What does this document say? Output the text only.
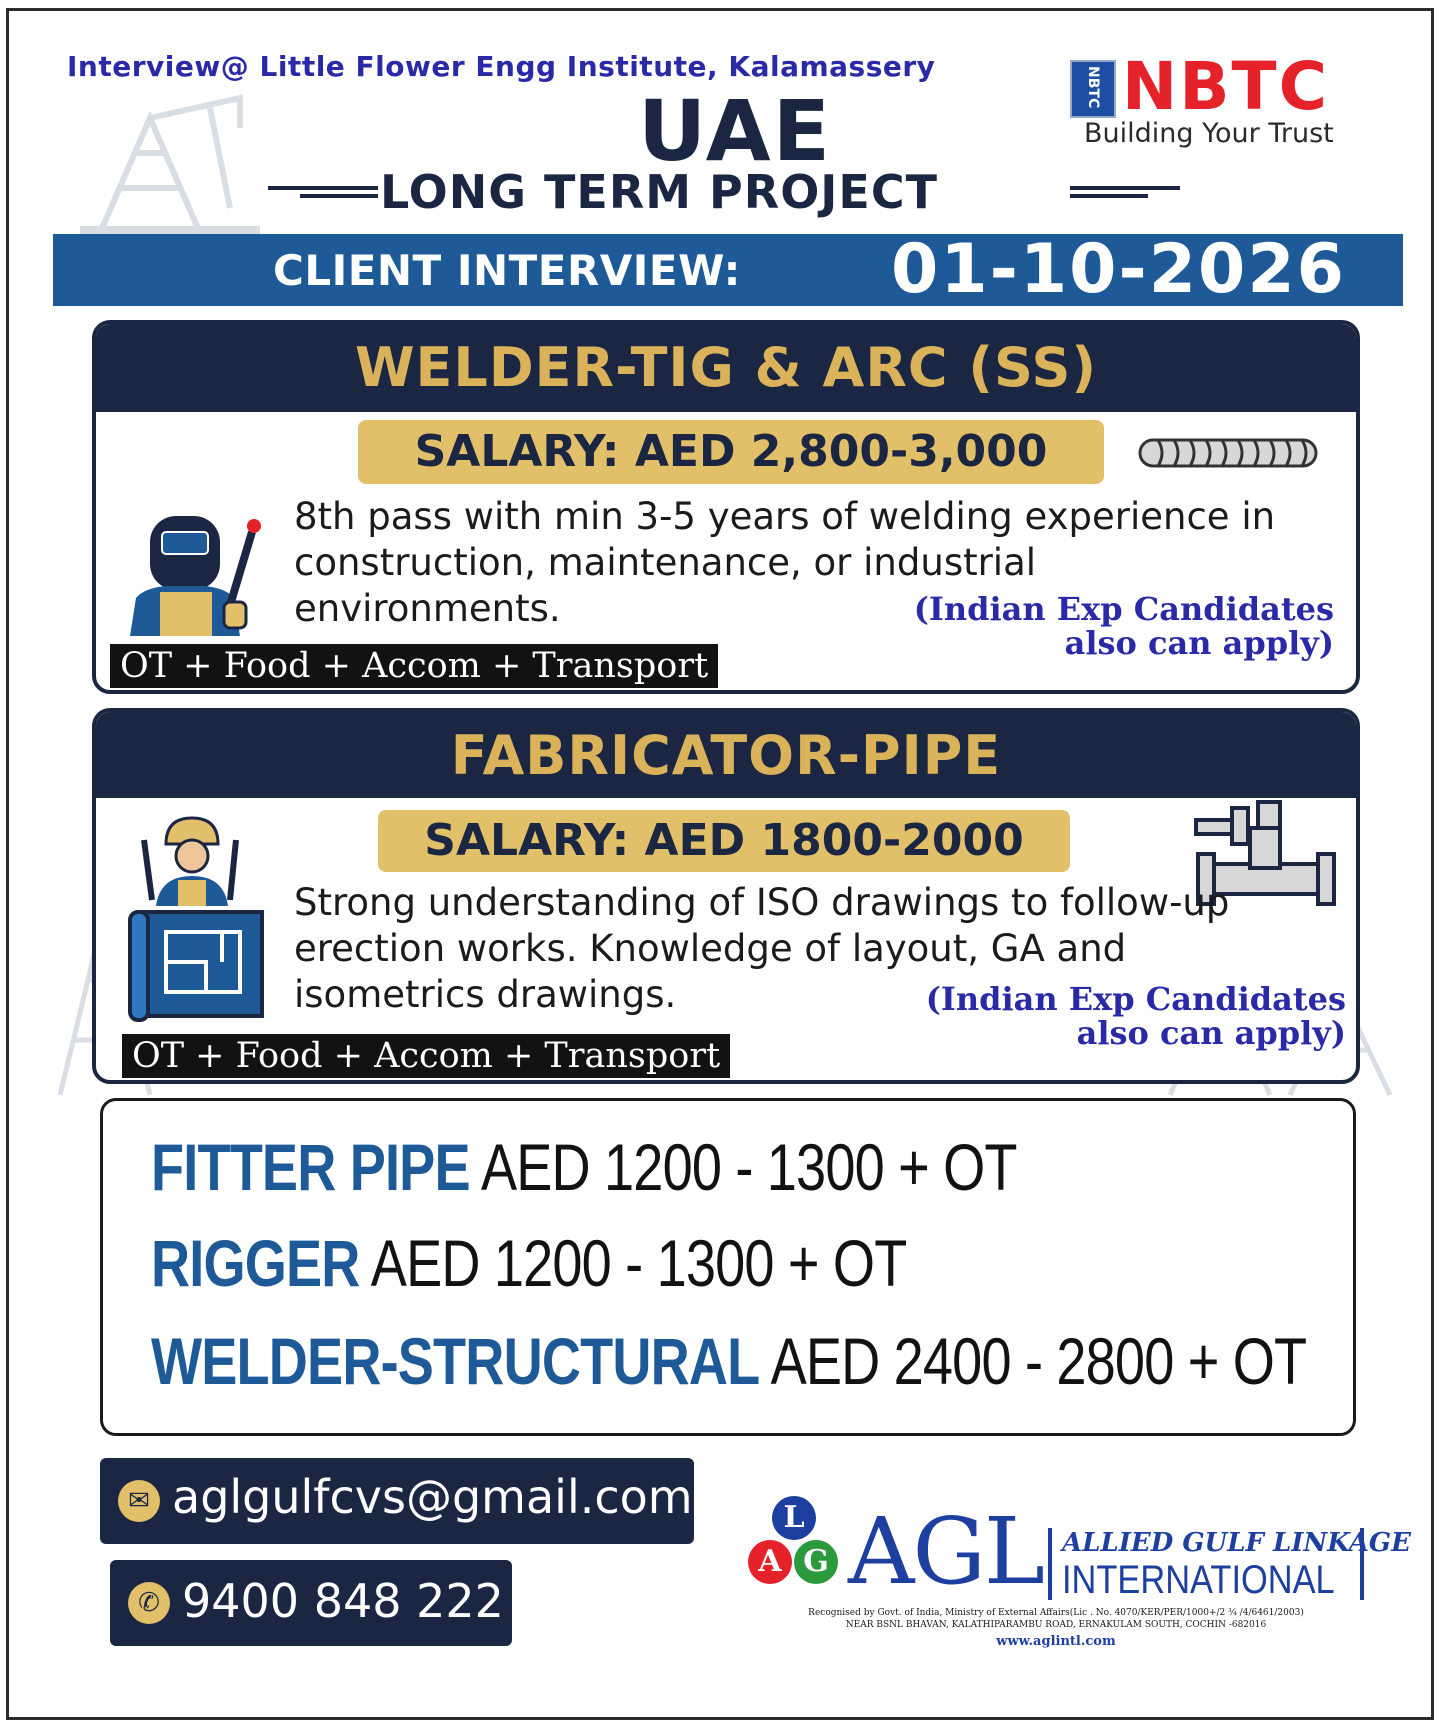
Interview@ Little Flower Engg Institute, Kalamassery
UAE
LONG TERM PROJECT
NBTC NBTC
Building Your Trust
CLIENT INTERVIEW: 01-10-2026
WELDER-TIG & ARC (SS)
SALARY: AED 2,800-3,000
8th pass with min 3-5 years of welding experience in construction, maintenance, or industrial environments.	(Indian Exp Candidates also can apply)
OT + Food + Accom + Transport
FABRICATOR-PIPE
SALARY: AED 1800-2000
Strong understanding of ISO drawings to follow-up erection works. Knowledge of layout, GA and isometrics drawings.	(Indian Exp Candidates also can apply)
OT + Food + Accom + Transport
FITTER PIPE AED 1200 - 1300 + OT
RIGGER AED 1200 - 1300 + OT
WELDER-STRUCTURAL AED 2400 - 2800 + OT
✉ aglgulfcvs@gmail.com
✆ 9400 848 222
L
A G AGL ALLIED GULF LINKAGE
INTERNATIONAL
Recognised by Govt. of India, Ministry of External Affairs(Lic . No. 4070/KER/PER/1000+/2 ¾ /4/6461/2003)
NEAR BSNL BHAVAN, KALATHIPARAMBU ROAD, ERNAKULAM SOUTH, COCHIN -682016
www.aglintl.com
